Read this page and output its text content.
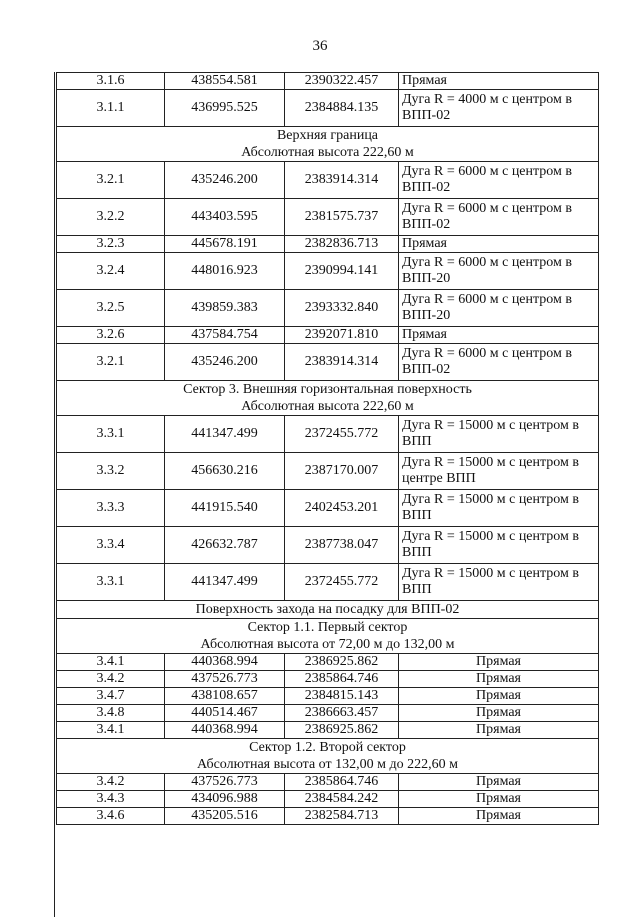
36
3.1.6	438554.581	2390322.457	Прямая
3.1.1	436995.525	2384884.135	Дуга R = 4000 м с центром в ВПП-02
Верхняя граница
Абсолютная высота 222,60 м			
3.2.1	435246.200	2383914.314	Дуга R = 6000 м с центром в ВПП-02
3.2.2	443403.595	2381575.737	Дуга R = 6000 м с центром в ВПП-02
3.2.3	445678.191	2382836.713	Прямая
3.2.4	448016.923	2390994.141	Дуга R = 6000 м с центром в ВПП-20
3.2.5	439859.383	2393332.840	Дуга R = 6000 м с центром в ВПП-20
3.2.6	437584.754	2392071.810	Прямая
3.2.1	435246.200	2383914.314	Дуга R = 6000 м с центром в ВПП-02
Сектор 3. Внешняя горизонтальная поверхность
Абсолютная высота 222,60 м			
3.3.1	441347.499	2372455.772	Дуга R = 15000 м с центром в ВПП
3.3.2	456630.216	2387170.007	Дуга R = 15000 м с центром в центре ВПП
3.3.3	441915.540	2402453.201	Дуга R = 15000 м с центром в ВПП
3.3.4	426632.787	2387738.047	Дуга R = 15000 м с центром в ВПП
3.3.1	441347.499	2372455.772	Дуга R = 15000 м с центром в ВПП
Поверхность захода на посадку для ВПП-02			
Сектор 1.1. Первый сектор
Абсолютная высота от 72,00 м до 132,00 м			
3.4.1	440368.994	2386925.862	Прямая
3.4.2	437526.773	2385864.746	Прямая
3.4.7	438108.657	2384815.143	Прямая
3.4.8	440514.467	2386663.457	Прямая
3.4.1	440368.994	2386925.862	Прямая
Сектор 1.2. Второй сектор
Абсолютная высота от 132,00 м до 222,60 м			
3.4.2	437526.773	2385864.746	Прямая
3.4.3	434096.988	2384584.242	Прямая
3.4.6	435205.516	2382584.713	Прямая
